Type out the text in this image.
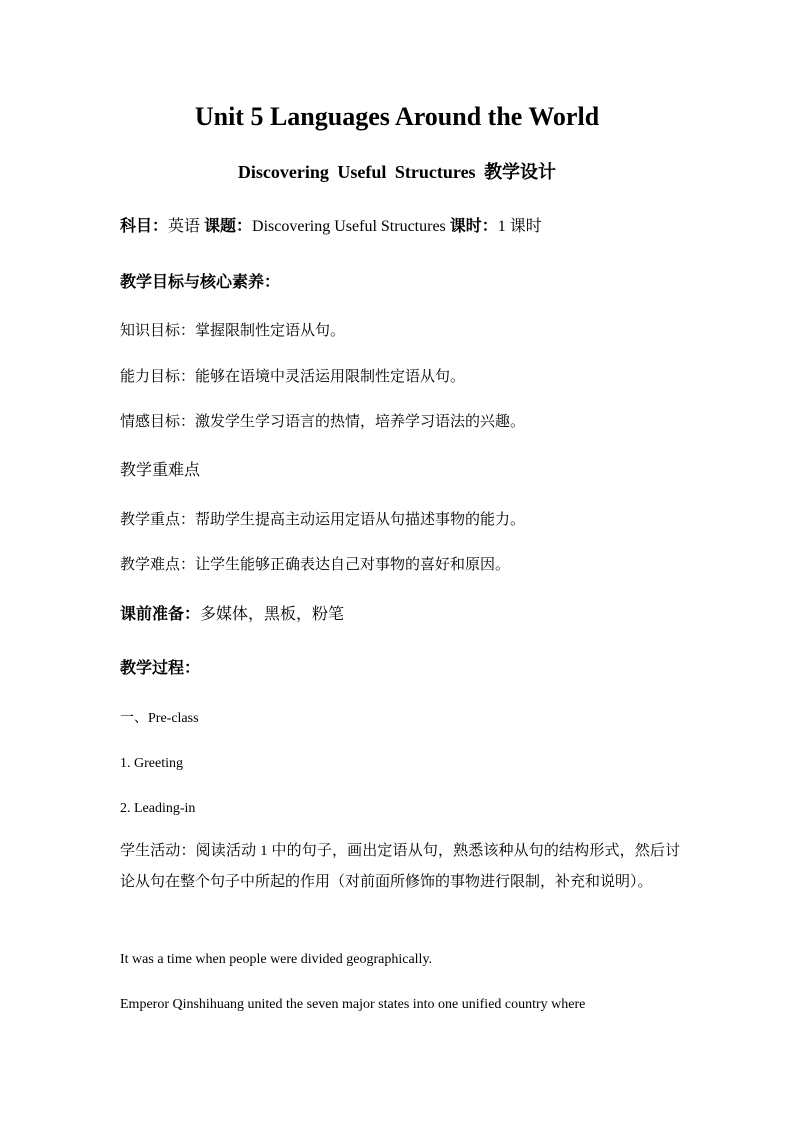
Unit 5 Languages Around the World
Discovering Useful Structures 教学设计
科目：英语 课题：Discovering Useful Structures 课时：1 课时
教学目标与核心素养：
知识目标：掌握限制性定语从句。
能力目标：能够在语境中灵活运用限制性定语从句。
情感目标：激发学生学习语言的热情，培养学习语法的兴趣。
教学重难点
教学重点：帮助学生提高主动运用定语从句描述事物的能力。
教学难点：让学生能够正确表达自己对事物的喜好和原因。
课前准备：多媒体，黑板，粉笔
教学过程：
一、Pre-class
1. Greeting
2. Leading-in
学生活动：阅读活动 1 中的句子，画出定语从句，熟悉该种从句的结构形式，然后讨论从句在整个句子中所起的作用（对前面所修饰的事物进行限制，补充和说明）。
It was a time when people were divided geographically.
Emperor Qinshihuang united the seven major states into one unified country where
